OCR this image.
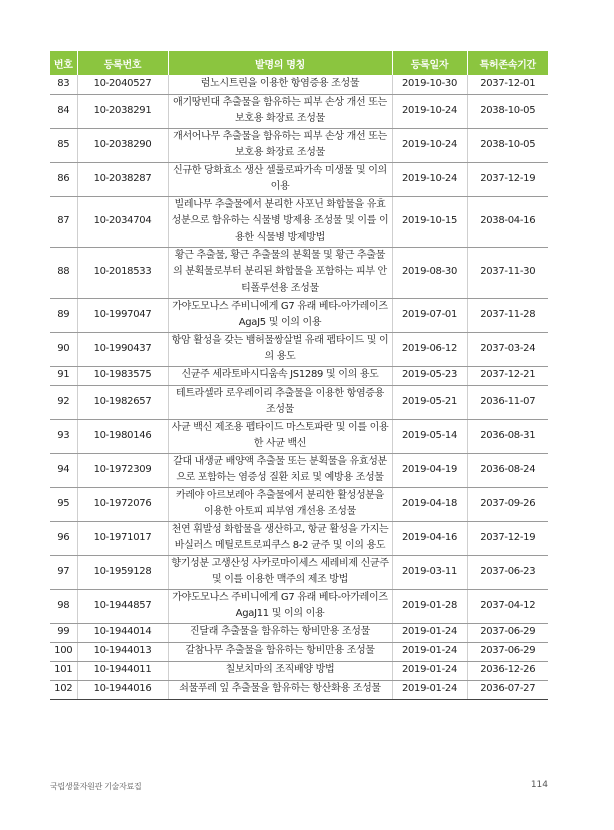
번호	등록번호	발명의 명칭	등록일자	특허존속기간
83	10-2040527	럼노시트린을 이용한 항염증용 조성물	2019-10-30	2037-12-01
84	10-2038291	애기땅빈대 추출물을 함유하는 피부 손상 개선 또는 보호용 화장료 조성물	2019-10-24	2038-10-05
85	10-2038290	개서어나무 추출물을 함유하는 피부 손상 개선 또는 보호용 화장료 조성물	2019-10-24	2038-10-05
86	10-2038287	신규한 당화효소 생산 셀룰로파가속 미생물 및 이의 이용	2019-10-24	2037-12-19
87	10-2034704	빌레나무 추출물에서 분리한 사포닌 화합물을 유효성분으로 함유하는 식물병 방제용 조성물 및 이를 이용한 식물병 방제방법	2019-10-15	2038-04-16
88	10-2018533	황근 추출물, 황근 추출물의 분획물 및 황근 추출물의 분획물로부터 분리된 화합물을 포함하는 피부 안티폴루션용 조성물	2019-08-30	2037-11-30
89	10-1997047	가야도모나스 주비니에게 G7 유래 베타-아가레이즈 AgaJ5 및 이의 이용	2019-07-01	2037-11-28
90	10-1990437	항암 활성을 갖는 뱀허물쌍살벌 유래 펩타이드 및 이의 용도	2019-06-12	2037-03-24
91	10-1983575	신균주 세라토바시디움속 JS1289 및 이의 용도	2019-05-23	2037-12-21
92	10-1982657	테트라셀라 로우레이리 추출물을 이용한 항염증용 조성물	2019-05-21	2036-11-07
93	10-1980146	사균 백신 제조용 펩타이드 마스토파란 및 이를 이용한 사균 백신	2019-05-14	2036-08-31
94	10-1972309	갈대 내생균 배양액 추출물 또는 분획물을 유효성분으로 포함하는 염증성 질환 치료 및 예방용 조성물	2019-04-19	2036-08-24
95	10-1972076	카레야 아르보레아 추출물에서 분리한 활성성분을 이용한 아토피 피부염 개선용 조성물	2019-04-18	2037-09-26
96	10-1971017	천연 휘발성 화합물을 생산하고, 항균 활성을 가지는 바실러스 메틸로트로피쿠스 8-2 균주 및 이의 용도	2019-04-16	2037-12-19
97	10-1959128	향기성분 고생산성 사카로마이세스 세레비제 신균주 및 이를 이용한 맥주의 제조 방법	2019-03-11	2037-06-23
98	10-1944857	가야도모나스 주비니에게 G7 유래 베타-아가레이즈 AgaJ11 및 이의 이용	2019-01-28	2037-04-12
99	10-1944014	진달래 추출물을 함유하는 항비만용 조성물	2019-01-24	2037-06-29
100	10-1944013	갈참나무 추출물을 함유하는 항비만용 조성물	2019-01-24	2037-06-29
101	10-1944011	칠보치마의 조직배양 방법	2019-01-24	2036-12-26
102	10-1944016	쇠물푸레 잎 추출물을 함유하는 항산화용 조성물	2019-01-24	2036-07-27
국립생물자원관 기술자료집	114
